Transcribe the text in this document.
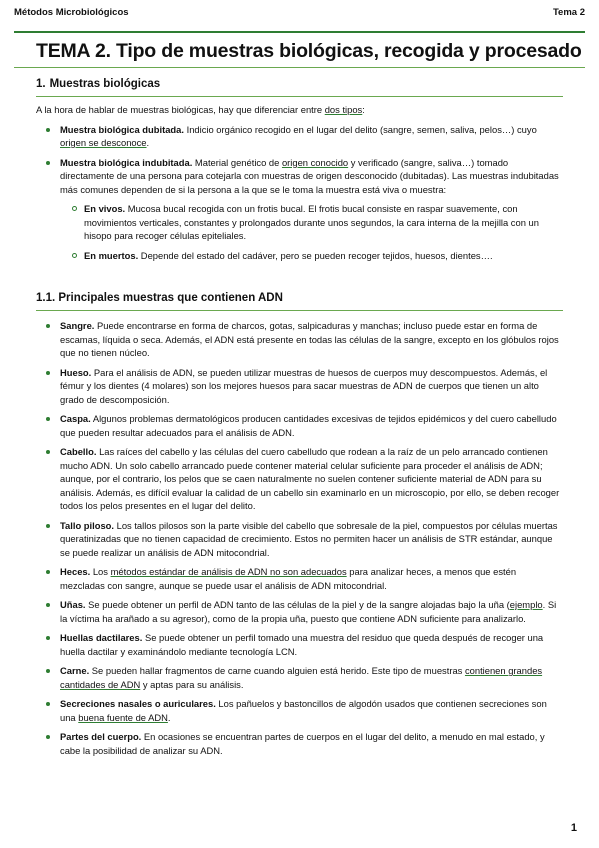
Métodos Microbiológicos	Tema 2
TEMA 2. Tipo de muestras biológicas, recogida y procesado
1. Muestras biológicas

A la hora de hablar de muestras biológicas, hay que diferenciar entre dos tipos:

Muestra biológica dubitada. Indicio orgánico recogido en el lugar del delito (sangre, semen, saliva, pelos…) cuyo origen se desconoce.
Muestra biológica indubitada. Material genético de origen conocido y verificado (sangre, saliva…) tomado directamente de una persona para cotejarla con muestras de origen desconocido (dubitadas). Las muestras indubitadas más comunes dependen de si la persona a la que se le toma la muestra está viva o muestra:
En vivos. Mucosa bucal recogida con un frotis bucal. El frotis bucal consiste en raspar suavemente, con movimientos verticales, constantes y prolongados durante unos segundos, la cara interna de la mejilla con un hisopo para recoger células epiteliales.
En muertos. Depende del estado del cadáver, pero se pueden recoger tejidos, huesos, dientes….
1.1. Principales muestras que contienen ADN
Sangre. Puede encontrarse en forma de charcos, gotas, salpicaduras y manchas; incluso puede estar en forma de escamas, líquida o seca. Además, el ADN está presente en todas las células de la sangre, excepto en los glóbulos rojos que no tienen núcleo.
Hueso. Para el análisis de ADN, se pueden utilizar muestras de huesos de cuerpos muy descompuestos. Además, el fémur y los dientes (4 molares) son los mejores huesos para sacar muestras de ADN de cuerpos que tienen un alto grado de descomposición.
Caspa. Algunos problemas dermatológicos producen cantidades excesivas de tejidos epidémicos y del cuero cabelludo que pueden resultar adecuados para el análisis de ADN.
Cabello. Las raíces del cabello y las células del cuero cabelludo que rodean a la raíz de un pelo arrancado contienen mucho ADN. Un solo cabello arrancado puede contener material celular suficiente para proceder el análisis de ADN; aunque, por el contrario, los pelos que se caen naturalmente no suelen contener suficiente material de ADN para su análisis. Además, es difícil evaluar la calidad de un cabello sin examinarlo en un microscopio, por ello, se deben recoger todos los pelos presentes en el lugar del delito.
Tallo piloso. Los tallos pilosos son la parte visible del cabello que sobresale de la piel, compuestos por células muertas queratinizadas que no tienen capacidad de crecimiento. Estos no permiten hacer un análisis de STR estándar, aunque se puede realizar un análisis de ADN mitocondrial.
Heces. Los métodos estándar de análisis de ADN no son adecuados para analizar heces, a menos que estén mezcladas con sangre, aunque se puede usar el análisis de ADN mitocondrial.
Uñas. Se puede obtener un perfil de ADN tanto de las células de la piel y de la sangre alojadas bajo la uña (ejemplo. Si la víctima ha arañado a su agresor), como de la propia uña, puesto que contiene ADN suficiente para analizarlo.
Huellas dactilares. Se puede obtener un perfil tomado una muestra del residuo que queda después de recoger una huella dactilar y examinándolo mediante tecnología LCN.
Carne. Se pueden hallar fragmentos de carne cuando alguien está herido. Este tipo de muestras contienen grandes cantidades de ADN y aptas para su análisis.
Secreciones nasales o auriculares. Los pañuelos y bastoncillos de algodón usados que contienen secreciones son una buena fuente de ADN.
Partes del cuerpo. En ocasiones se encuentran partes de cuerpos en el lugar del delito, a menudo en mal estado, y cabe la posibilidad de analizar su ADN.
1
